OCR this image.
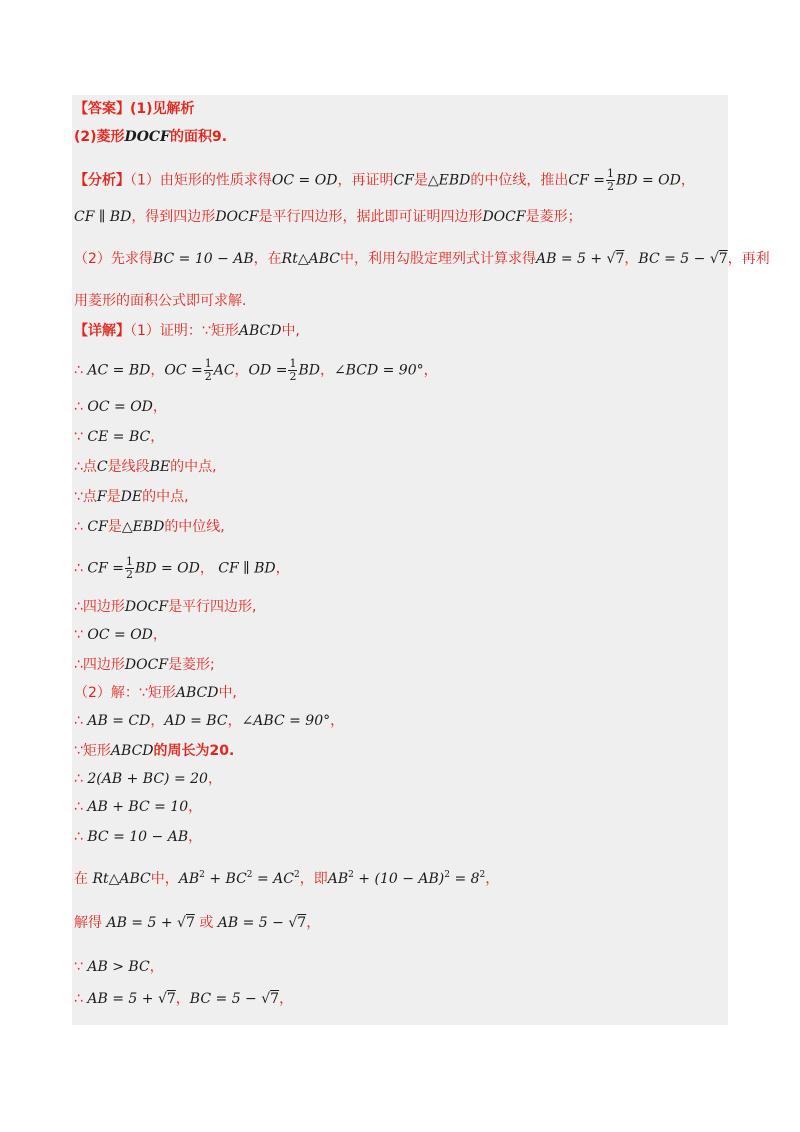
【答案】(1)见解析
(2)菱形DOCF的面积9.
【分析】（1）由矩形的性质求得OC = OD，再证明CF是△EBD的中位线，推出CF = $\frac{1}{2}$ BD = OD，
CF ∥ BD，得到四边形DOCF是平行四边形，据此即可证明四边形DOCF是菱形；
（2）先求得BC = 10 − AB，在Rt△ABC中，利用勾股定理列式计算求得AB = 5 + √7，BC = 5 − √7，再利
用菱形的面积公式即可求解.
【详解】（1）证明：∵矩形ABCD中,
∴ AC = BD，OC = $\frac{1}{2}$ AC，OD = $\frac{1}{2}$ BD，∠BCD = 90°，
∴ OC = OD，
∵ CE = BC，
∴点C是线段BE的中点,
∵点F是DE的中点,
∴ CF是△EBD的中位线,
∴ CF = $\frac{1}{2}$ BD = OD， CF ∥ BD，
∴四边形DOCF是平行四边形,
∵ OC = OD，
∴四边形DOCF是菱形;
（2）解：∵矩形ABCD中,
∴ AB = CD，AD = BC，∠ABC = 90°，
∵矩形ABCD的周长为20.
∴ 2(AB + BC) = 20，
∴ AB + BC = 10，
∴ BC = 10 − AB，
在 Rt△ABC中，$AB^2 + BC^2 = AC^2$，即$AB^2 + (10 - AB)^2 = 8^2$，
解得 AB = 5 + √7 或 AB = 5 − √7，
∵ AB > BC，
∴ AB = 5 + √7，BC = 5 − √7，
